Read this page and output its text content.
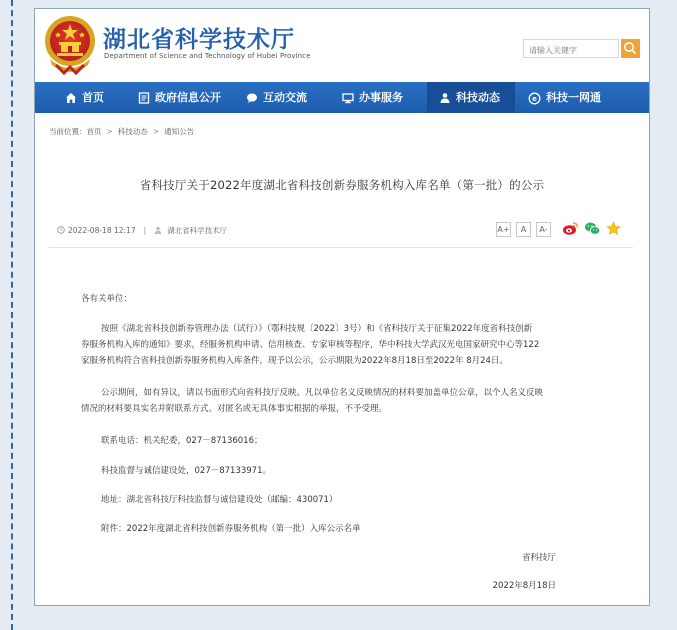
湖北省科学技术厅
Department of Science and Technology of Hubei Province
请输入关键字
首页	政府信息公开	互动交流	办事服务	科技动态	e 科技一网通
当前位置：首页 > 科技动态 > 通知公告
省科技厅关于2022年度湖北省科技创新券服务机构入库名单（第一批）的公示
2022-08-18 12:17 |	湖北省科学技术厅	A+	A	A-
各有关单位：
按照《湖北省科技创新券管理办法（试行）》（鄂科技规〔2022〕3号）和《省科技厅关于征集2022年度省科技创新
券服务机构入库的通知》要求，经服务机构申请、信用核查、专家审核等程序，华中科技大学武汉光电国家研究中心等122
家服务机构符合省科技创新券服务机构入库条件，现予以公示，公示期限为2022年8月18日至2022年 8月24日。
公示期间，如有异议，请以书面形式向省科技厅反映。凡以单位名义反映情况的材料要加盖单位公章，以个人名义反映
情况的材料要具实名并附联系方式。对匿名或无具体事实根据的举报，不予受理。
联系电话：机关纪委，027－87136016；
科技监督与诚信建设处，027－87133971。
地址：湖北省科技厅科技监督与诚信建设处（邮编：430071）
附件：2022年度湖北省科技创新券服务机构（第一批）入库公示名单
省科技厅
2022年8月18日
